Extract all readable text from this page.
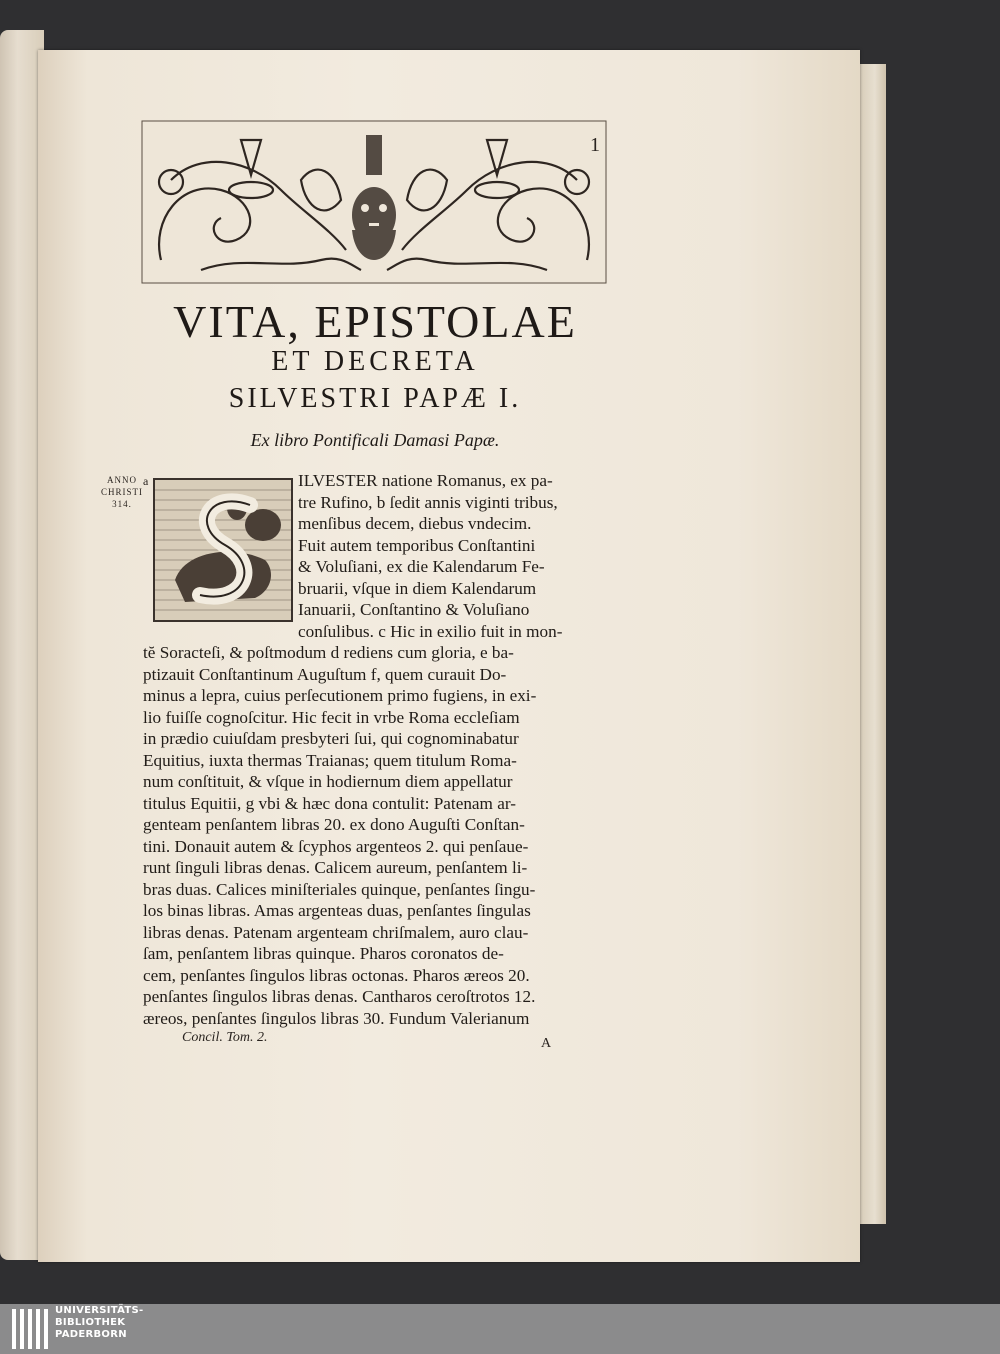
1
VITA, EPISTOLAE
ET DECRETA
SILVESTRI PAPÆ I.
Ex libro Pontificali Damasi Papæ.
ANNO
CHRISTI
314.
a	ILVESTER natione Romanus, ex pa-
tre Rufino, b ſedit annis viginti tribus,
menſibus decem, diebus vndecim.
Fuit autem temporibus Conſtantini
& Voluſiani, ex die Kalendarum Fe-
bruarii, vſque in diem Kalendarum
Ianuarii, Conſtantino & Voluſiano
conſulibus. c Hic in exilio fuit in mon-
tĕ Soracteſi, & poſtmodum d rediens cum gloria, e ba-
ptizauit Conſtantinum Auguſtum f, quem curauit Do-
minus a lepra, cuius perſecutionem primo fugiens, in exi-
lio fuiſſe cognoſcitur. Hic fecit in vrbe Roma eccleſiam
in prædio cuiuſdam presbyteri ſui, qui cognominabatur
Equitius, iuxta thermas Traianas; quem titulum Roma-
num conſtituit, & vſque in hodiernum diem appellatur
titulus Equitii, g vbi & hæc dona contulit: Patenam ar-
genteam penſantem libras 20. ex dono Auguſti Conſtan-
tini. Donauit autem & ſcyphos argenteos 2. qui penſaue-
runt ſinguli libras denas. Calicem aureum, penſantem li-
bras duas. Calices miniſteriales quinque, penſantes ſingu-
los binas libras. Amas argenteas duas, penſantes ſingulas
libras denas. Patenam argenteam chriſmalem, auro clau-
ſam, penſantem libras quinque. Pharos coronatos de-
cem, penſantes ſingulos libras octonas. Pharos æreos 20.
penſantes ſingulos libras denas. Cantharos ceroſtrotos 12.
æreos, penſantes ſingulos libras 30. Fundum Valerianum
Concil. Tom. 2.	A
UNIVERSITÄTS-
BIBLIOTHEK
PADERBORN
